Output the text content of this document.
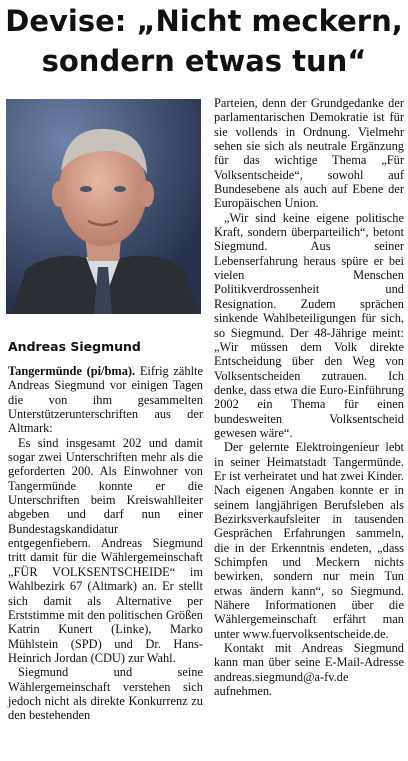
Devise: „Nicht meckern,
sondern etwas tun“
Andreas Siegmund

Tangermünde (pi/bma). Eifrig zählte Andreas Siegmund vor einigen Tagen die von ihm gesammelten Unterstützerunterschriften aus der Altmark:

Es sind insgesamt 202 und damit sogar zwei Unterschriften mehr als die geforderten 200. Als Einwohner von Tangermünde konnte er die Unterschriften beim Kreiswahlleiter abgeben und darf nun einer Bundestagskandidatur entgegenfiebern. Andreas Siegmund tritt damit für die Wählergemeinschaft „FÜR VOLKSENTSCHEIDE“ im Wahlbezirk 67 (Altmark) an. Er stellt sich damit als Alternative per Erststimme mit den politischen Größen Katrin Kunert (Linke), Marko Mühlstein (SPD) und Dr. Hans-Heinrich Jordan (CDU) zur Wahl.

Siegmund und seine Wählergemeinschaft verstehen sich jedoch nicht als direkte Konkurrenz zu den bestehenden

Parteien, denn der Grundgedanke der parlamentarischen Demokratie ist für sie vollends in Ordnung. Vielmehr sehen sie sich als neutrale Ergänzung für das wichtige Thema „Für Volksentscheide“, sowohl auf Bundesebene als auch auf Ebene der Europäischen Union.

„Wir sind keine eigene politische Kraft, sondern überparteilich“, betont Siegmund. Aus seiner Lebenserfahrung heraus spüre er bei vielen Menschen Politikverdrossenheit und Resignation. Zudem sprächen sinkende Wahlbeteiligungen für sich, so Siegmund. Der 48-Jährige meint: „Wir müssen dem Volk direkte Entscheidung über den Weg von Volksentscheiden zutrauen. Ich denke, dass etwa die Euro-Einführung 2002 ein Thema für einen bundesweiten Volksentscheid gewesen wäre“.

Der gelernte Elektroingenieur lebt in seiner Heimatstadt Tangermünde. Er ist verheiratet und hat zwei Kinder. Nach eigenen Angaben konnte er in seinem langjährigen Berufsleben als Bezirksverkaufsleiter in tausenden Gesprächen Erfahrungen sammeln, die in der Erkenntnis endeten, „dass Schimpfen und Meckern nichts bewirken, sondern nur mein Tun etwas ändern kann“, so Siegmund. Nähere Informationen über die Wählergemeinschaft erfährt man unter www.fuervolksentscheide.de.

Kontakt mit Andreas Siegmund kann man über seine E-Mail-Adresse andreas.siegmund@a-fv.de aufnehmen.
